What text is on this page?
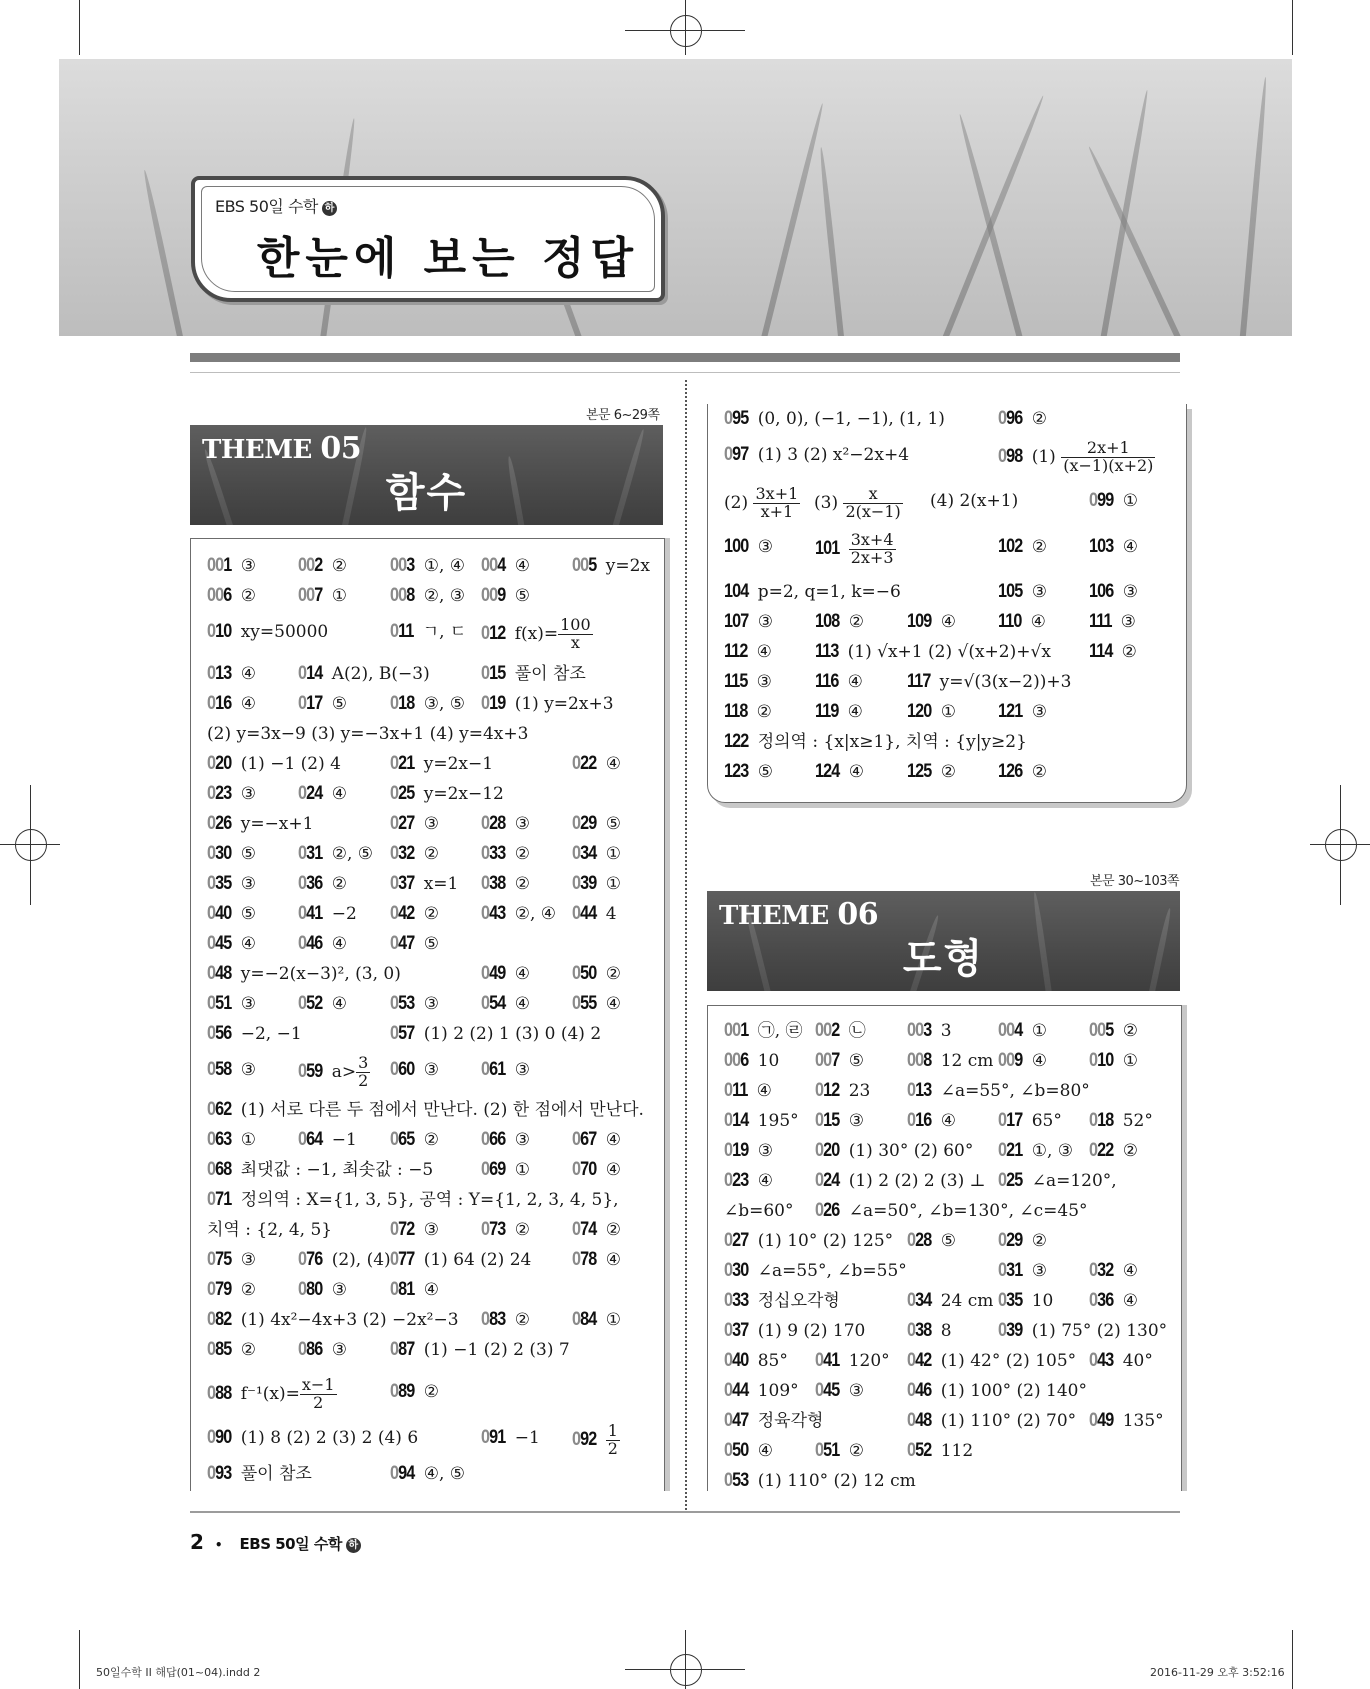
EBS 50일 수학 하
한눈에 보는 정답
본문 6~29쪽
THEME 05
함수
001 ③ 002 ② 003 ①, ④ 004 ④ 005 y=2x
006 ② 007 ① 008 ②, ③ 009 ⑤
010 xy=50000	011 ㄱ, ㄷ 012 $f(x)= \frac{100}{x}$
013 ④ 014 A(2), B(−3)	015 풀이 참조
016 ④ 017 ⑤ 018 ③, ⑤ 019 (1) y=2x+3
(2) y=3x−9 (3) y=−3x+1 (4) y=4x+3
020 (1) −1 (2) 4	021 y=2x−1	022 ④
023 ③ 024 ④ 025 y=2x−12
026 y=−x+1	027 ③ 028 ③ 029 ⑤
030 ⑤ 031 ②, ⑤ 032 ② 033 ② 034 ①
035 ③ 036 ② 037 x=1 038 ② 039 ①
040 ⑤ 041 −2 042 ② 043 ②, ④ 044 4
045 ④ 046 ④ 047 ⑤
048 y=−2(x−3)², (3, 0)	049 ④ 050 ②
051 ③ 052 ④ 053 ③ 054 ④ 055 ④
056 −2, −1	057 (1) 2 (2) 1 (3) 0 (4) 2
058 ③ 059 $a> \frac{3}{2} 060$ ③ 061 ③
062 (1) 서로 다른 두 점에서 만난다. (2) 한 점에서 만난다.
063 ① 064 −1 065 ② 066 ③ 067 ④
068 최댓값 : −1, 최솟값 : −5	069 ① 070 ④
071 정의역 : X={1, 3, 5}, 공역 : Y={1, 2, 3, 4, 5},
치역 : {2, 4, 5}	072 ③ 073 ② 074 ②
075 ③ 076 (2), (4) 077 (1) 64 (2) 24 078 ④
079 ② 080 ③ 081 ④
082 (1) 4x²−4x+3 (2) −2x²−3 083 ② 084 ①
085 ② 086 ③ 087 (1) −1 (2) 2 (3) 7
088 $f^{-1}(x)= \frac{x-1}{2}$	089 ②
090 (1) 8 (2) 2 (3) 2 (4) 6	091 −1 $092 \frac{1}{2}$
093 풀이 참조	094 ④, ⑤
095 (0, 0), (−1, −1), (1, 1)	096 ②
097 (1) 3 (2) x²−2x+4	098 $(1) \frac{2x+1}{(x-1)(x+2)}$
$(2) \frac{3x+1}{x+1} (3) \frac{x}{2(x-1)} (4)$ 2(x+1)	099 ①
100 ③ $101 \frac{3x+4}{2x+3}$	102 ② 103 ④
104 p=2, q=1, k=−6	105 ③ 106 ③
107 ③ 108 ② 109 ④ 110 ④ 111 ③
112 ④ 113 (1) √x+1 (2) √(x+2)+√x 114 ②
115 ③ 116 ④ 117 y=√(3(x−2))+3
118 ② 119 ④ 120 ① 121 ③
122 정의역 : {x|x≥1}, 치역 : {y|y≥2}
123 ⑤ 124 ④ 125 ② 126 ②
본문 30~103쪽
THEME 06
도형
001 ㉠, ㉣ 002 ㉡ 003 3 004 ① 005 ②
006 10 007 ⑤ 008 12 cm 009 ④ 010 ①
011 ④ 012 23 013 ∠a=55°, ∠b=80°
014 195° 015 ③ 016 ④ 017 65° 018 52°
019 ③ 020 (1) 30° (2) 60° 021 ①, ③ 022 ②
023 ④ 024 (1) 2 (2) 2 (3) ⊥ 025 ∠a=120°,
∠b=60° 026 ∠a=50°, ∠b=130°, ∠c=45°
027 (1) 10° (2) 125° 028 ⑤ 029 ②
030 ∠a=55°, ∠b=55°	031 ③ 032 ④
033 정십오각형	034 24 cm 035 10 036 ④
037 (1) 9 (2) 170 038 8 039 (1) 75° (2) 130°
040 85° 041 120° 042 (1) 42° (2) 105° 043 40°
044 109° 045 ③ 046 (1) 100° (2) 140°
047 정육각형	048 (1) 110° (2) 70° 049 135°
050 ④ 051 ② 052 112
053 (1) 110° (2) 12 cm
2 • EBS 50일 수학 하
50일수학 II 해답(01~04).indd 2	2016-11-29 오후 3:52:16
